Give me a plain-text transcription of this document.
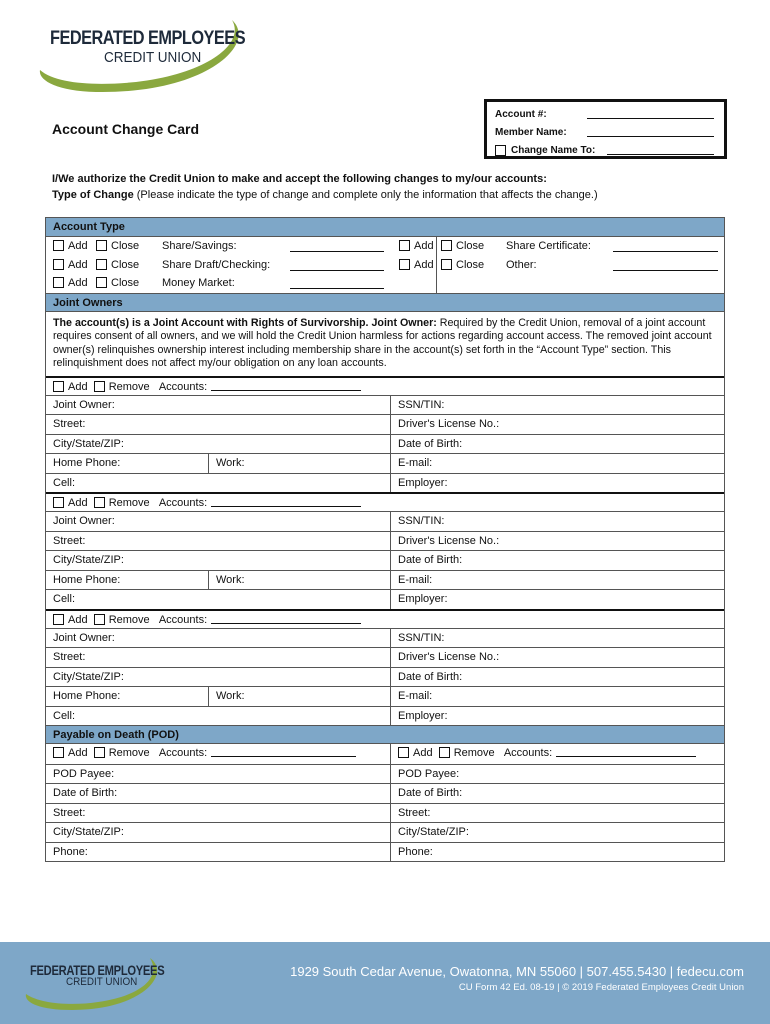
FEDERATED EMPLOYEES
CREDIT UNION
Account Change Card
Account #:
Member Name:
Change Name To:
I/We authorize the Credit Union to make and accept the following changes to my/our accounts:
Type of Change (Please indicate the type of change and complete only the information that affects the change.)
Account Type
Add	Close Share/Savings:	Add	Close Share Certificate:
Add	Close Share Draft/Checking:	Add	Close Other:
Add	Close Money Market:
Joint Owners
The account(s) is a Joint Account with Rights of Survivorship. Joint Owner: Required by the Credit Union, removal of a joint account requires consent of all owners, and we will hold the Credit Union harmless for actions regarding account access. The removed joint account owner(s) relinquishes ownership interest including membership share in the account(s) set forth in the “Account Type” section. This relinquishment does not affect my/our obligation on any loan accounts.
Add Remove Accounts:
Joint Owner:	SSN/TIN:
Street:	Driver's License No.:
City/State/ZIP:	Date of Birth:
Home Phone:	Work:	E-mail:
Cell:	Employer:
Add Remove Accounts:
Joint Owner:	SSN/TIN:
Street:	Driver's License No.:
City/State/ZIP:	Date of Birth:
Home Phone:	Work:	E-mail:
Cell:	Employer:
Add Remove Accounts:
Joint Owner:	SSN/TIN:
Street:	Driver's License No.:
City/State/ZIP:	Date of Birth:
Home Phone:	Work:	E-mail:
Cell:	Employer:
Payable on Death (POD)
Add Remove Accounts:	Add Remove Accounts:
POD Payee:	POD Payee:
Date of Birth:	Date of Birth:
Street:	Street:
City/State/ZIP:	City/State/ZIP:
Phone:	Phone:
FEDERATED EMPLOYEES
CREDIT UNION
1929 South Cedar Avenue, Owatonna, MN 55060 | 507.455.5430 | fedecu.com
CU Form 42 Ed. 08-19 | © 2019 Federated Employees Credit Union
